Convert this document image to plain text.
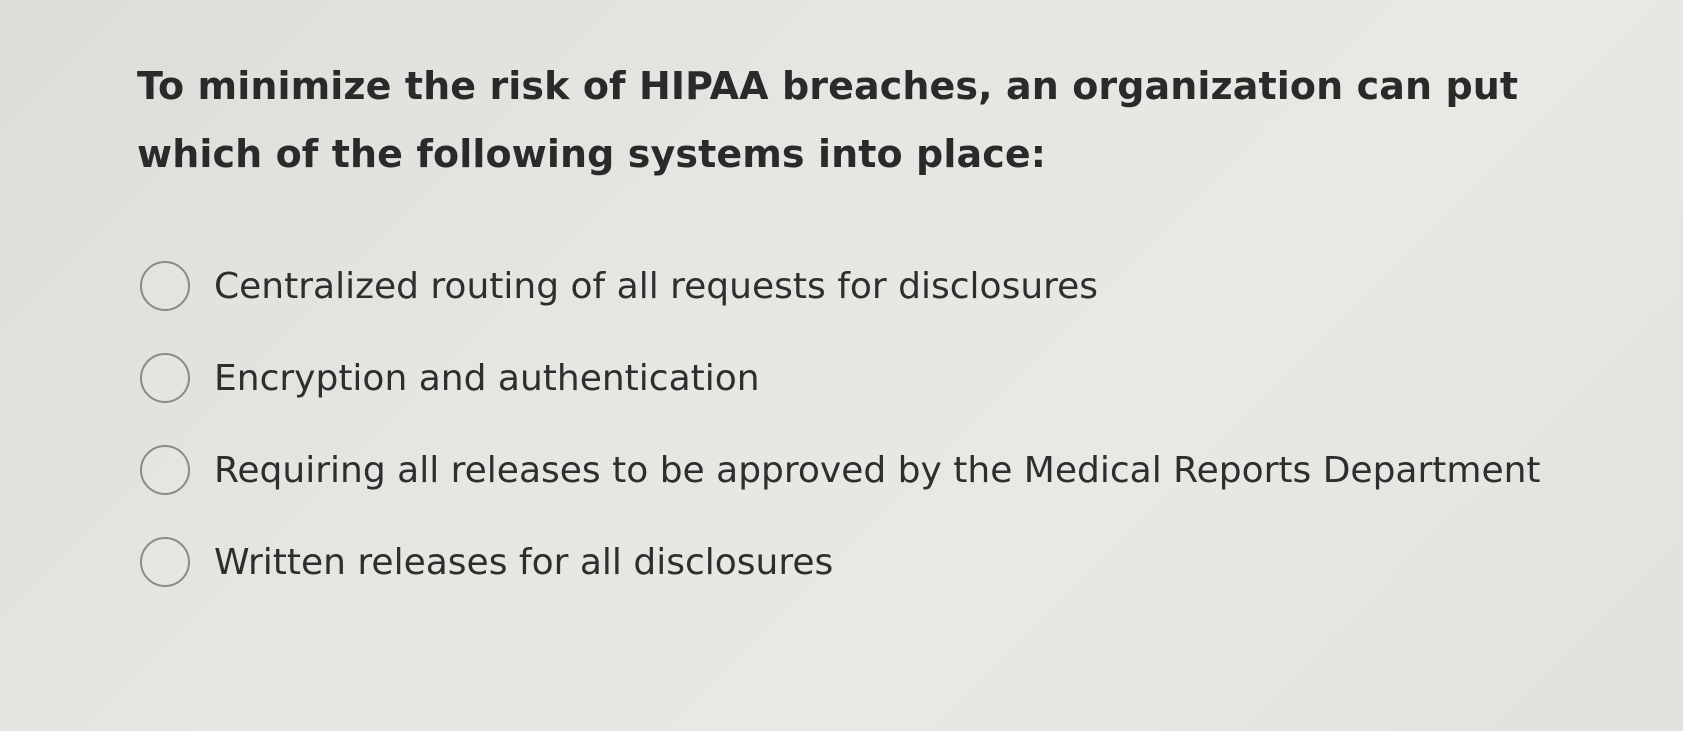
To minimize the risk of HIPAA breaches, an organization can put which of the following systems into place:
Centralized routing of all requests for disclosures
Encryption and authentication
Requiring all releases to be approved by the Medical Reports Department
Written releases for all disclosures
